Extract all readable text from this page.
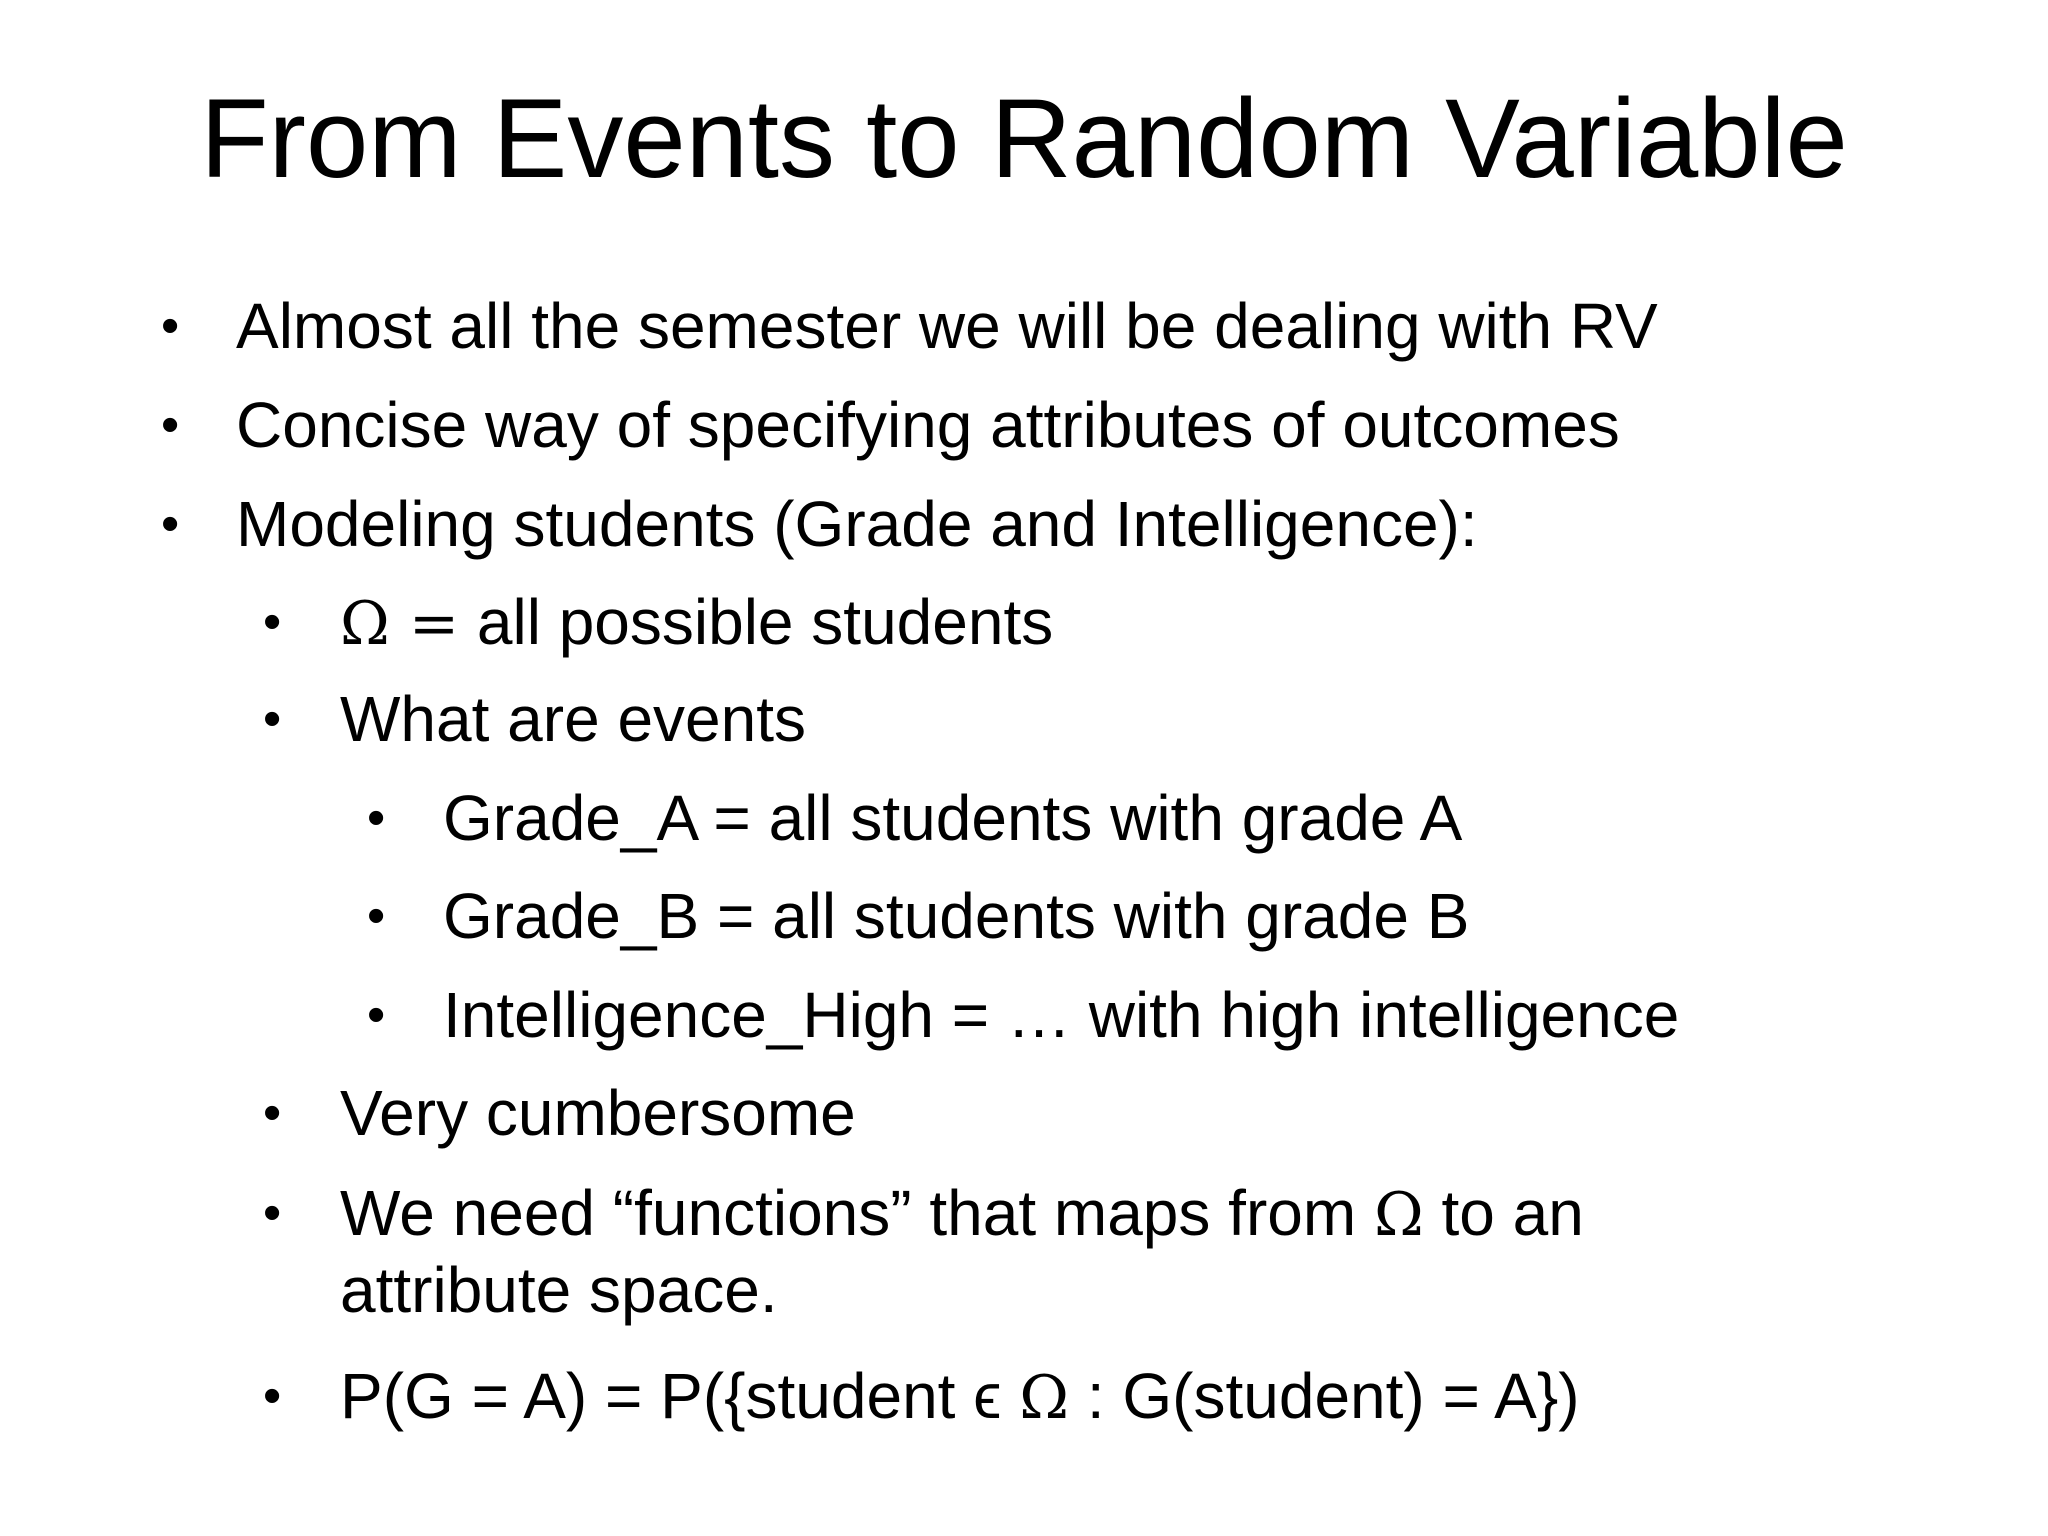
From Events to Random Variable
• Almost all the semester we will be dealing with RV
• Concise way of specifying attributes of outcomes
• Modeling students (Grade and Intelligence):
• Ω = all possible students
• What are events
• Grade_A = all students with grade A
• Grade_B = all students with grade B
• Intelligence_High = … with high intelligence
• Very cumbersome
• We need “functions” that maps from Ω to an
attribute space.
• P(G = A) = P({student ϵ Ω : G(student) = A})
